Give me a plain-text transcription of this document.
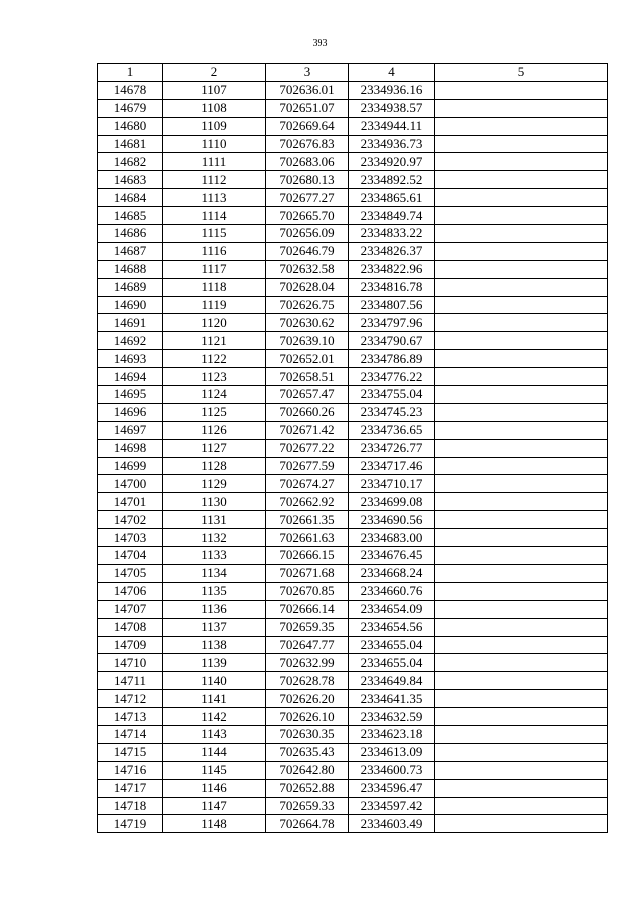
393
1	2	3	4	5
14678	1107	702636.01	2334936.16	
14679	1108	702651.07	2334938.57	
14680	1109	702669.64	2334944.11	
14681	1110	702676.83	2334936.73	
14682	1111	702683.06	2334920.97	
14683	1112	702680.13	2334892.52	
14684	1113	702677.27	2334865.61	
14685	1114	702665.70	2334849.74	
14686	1115	702656.09	2334833.22	
14687	1116	702646.79	2334826.37	
14688	1117	702632.58	2334822.96	
14689	1118	702628.04	2334816.78	
14690	1119	702626.75	2334807.56	
14691	1120	702630.62	2334797.96	
14692	1121	702639.10	2334790.67	
14693	1122	702652.01	2334786.89	
14694	1123	702658.51	2334776.22	
14695	1124	702657.47	2334755.04	
14696	1125	702660.26	2334745.23	
14697	1126	702671.42	2334736.65	
14698	1127	702677.22	2334726.77	
14699	1128	702677.59	2334717.46	
14700	1129	702674.27	2334710.17	
14701	1130	702662.92	2334699.08	
14702	1131	702661.35	2334690.56	
14703	1132	702661.63	2334683.00	
14704	1133	702666.15	2334676.45	
14705	1134	702671.68	2334668.24	
14706	1135	702670.85	2334660.76	
14707	1136	702666.14	2334654.09	
14708	1137	702659.35	2334654.56	
14709	1138	702647.77	2334655.04	
14710	1139	702632.99	2334655.04	
14711	1140	702628.78	2334649.84	
14712	1141	702626.20	2334641.35	
14713	1142	702626.10	2334632.59	
14714	1143	702630.35	2334623.18	
14715	1144	702635.43	2334613.09	
14716	1145	702642.80	2334600.73	
14717	1146	702652.88	2334596.47	
14718	1147	702659.33	2334597.42	
14719	1148	702664.78	2334603.49	
